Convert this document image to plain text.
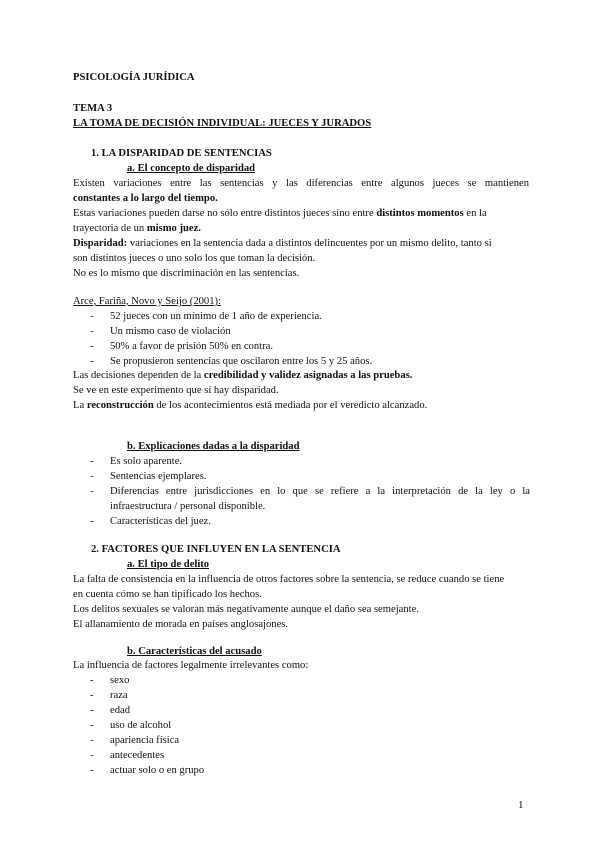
PSICOLOGÍA JURÍDICA
TEMA 3
LA TOMA DE DECISIÓN INDIVIDUAL: JUECES Y JURADOS
1. LA DISPARIDAD DE SENTENCIAS
a. El concepto de disparidad
Existen variaciones entre las sentencias y las diferencias entre algunos jueces se mantienen
constantes a lo largo del tiempo.
Estas variaciones pueden darse no sólo entre distintos jueces sino entre distintos momentos en la
trayectoria de un mismo juez.
Disparidad: variaciones en la sentencia dada a distintos delincuentes por un mismo delito, tanto si
son distintos jueces o uno solo los que toman la decisión.
No es lo mismo que discriminación en las sentencias.
Arce, Fariña, Novo y Seijo (2001):
- 52 jueces con un mínimo de 1 año de experiencia.
- Un mismo caso de violación
- 50% a favor de prisión 50% en contra.
- Se propusieron sentencias que oscilaron entre los 5 y 25 años.
Las decisiones dependen de la credibilidad y validez asignadas a las pruebas.
Se ve en este experimento que sí hay disparidad.
La reconstrucción de los acontecimientos está mediada por el veredicto alcanzado.
b. Explicaciones dadas a la disparidad
- Es solo aparente.
- Sentencias ejemplares.
- Diferencias entre jurisdicciones en lo que se refiere a la interpretación de la ley o la
infraestructura / personal disponible.
- Características del juez.
2. FACTORES QUE INFLUYEN EN LA SENTENCIA
a. El tipo de delito
La falta de consistencia en la influencia de otros factores sobre la sentencia, se reduce cuando se tiene
en cuenta cómo se han tipificado los hechos.
Los delitos sexuales se valoran más negativamente aunque el daño sea semejante.
El allanamiento de morada en países anglosajones.
b. Características del acusado
La influencia de factores legalmente irrelevantes como:
- sexo
- raza
- edad
- uso de alcohol
- apariencia física
- antecedentes
- actuar solo o en grupo
1
